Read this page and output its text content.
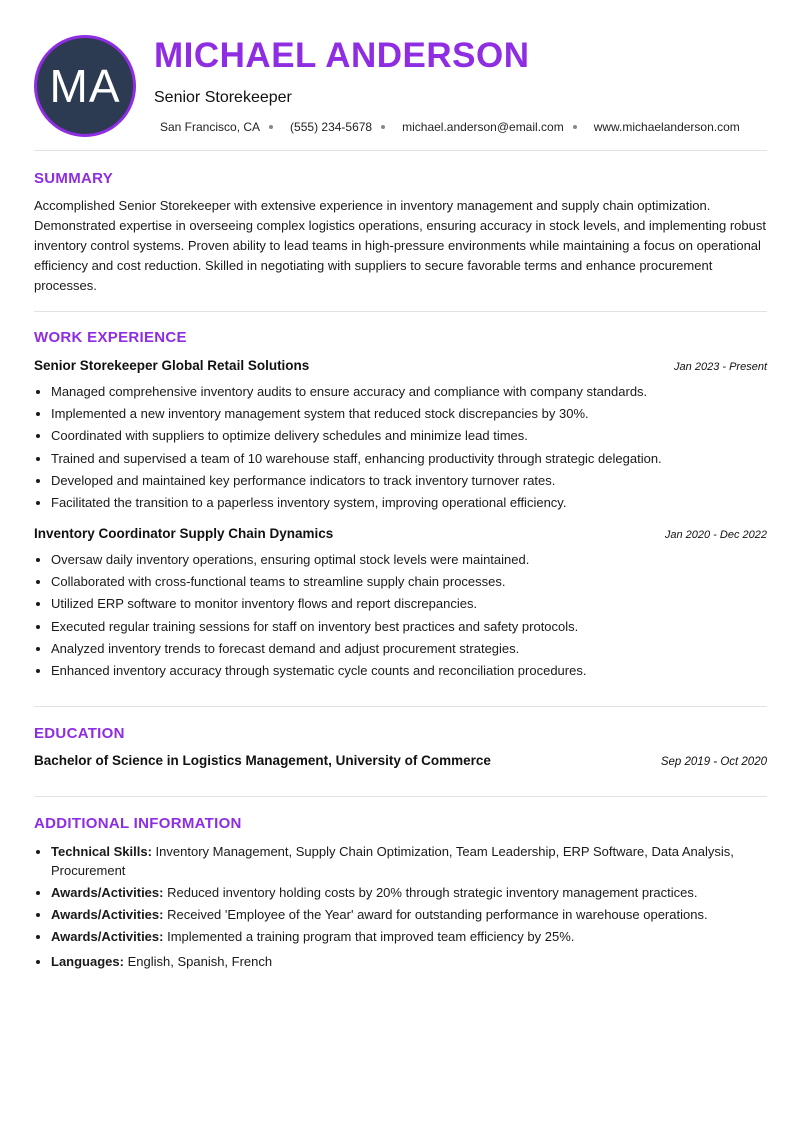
MA
MICHAEL ANDERSON
Senior Storekeeper
San Francisco, CA	(555) 234-5678	michael.anderson@email.com	www.michaelanderson.com
SUMMARY

Accomplished Senior Storekeeper with extensive experience in inventory management and supply chain optimization. Demonstrated expertise in overseeing complex logistics operations, ensuring accuracy in stock levels, and implementing robust inventory control systems. Proven ability to lead teams in high-pressure environments while maintaining a focus on operational efficiency and cost reduction. Skilled in negotiating with suppliers to secure favorable terms and enhance procurement processes.

WORK EXPERIENCE
Senior Storekeeper Global Retail Solutions	Jan 2023 - Present
• Managed comprehensive inventory audits to ensure accuracy and compliance with company standards.
• Implemented a new inventory management system that reduced stock discrepancies by 30%.
• Coordinated with suppliers to optimize delivery schedules and minimize lead times.
• Trained and supervised a team of 10 warehouse staff, enhancing productivity through strategic delegation.
• Developed and maintained key performance indicators to track inventory turnover rates.
• Facilitated the transition to a paperless inventory system, improving operational efficiency.
Inventory Coordinator Supply Chain Dynamics	Jan 2020 - Dec 2022
• Oversaw daily inventory operations, ensuring optimal stock levels were maintained.
• Collaborated with cross-functional teams to streamline supply chain processes.
• Utilized ERP software to monitor inventory flows and report discrepancies.
• Executed regular training sessions for staff on inventory best practices and safety protocols.
• Analyzed inventory trends to forecast demand and adjust procurement strategies.
• Enhanced inventory accuracy through systematic cycle counts and reconciliation procedures.
EDUCATION
Bachelor of Science in Logistics Management, University of Commerce	Sep 2019 - Oct 2020
ADDITIONAL INFORMATION
• Technical Skills: Inventory Management, Supply Chain Optimization, Team Leadership, ERP Software, Data Analysis, Procurement
• Awards/Activities: Reduced inventory holding costs by 20% through strategic inventory management practices.
• Awards/Activities: Received 'Employee of the Year' award for outstanding performance in warehouse operations.
• Awards/Activities: Implemented a training program that improved team efficiency by 25%.
• Languages: English, Spanish, French
